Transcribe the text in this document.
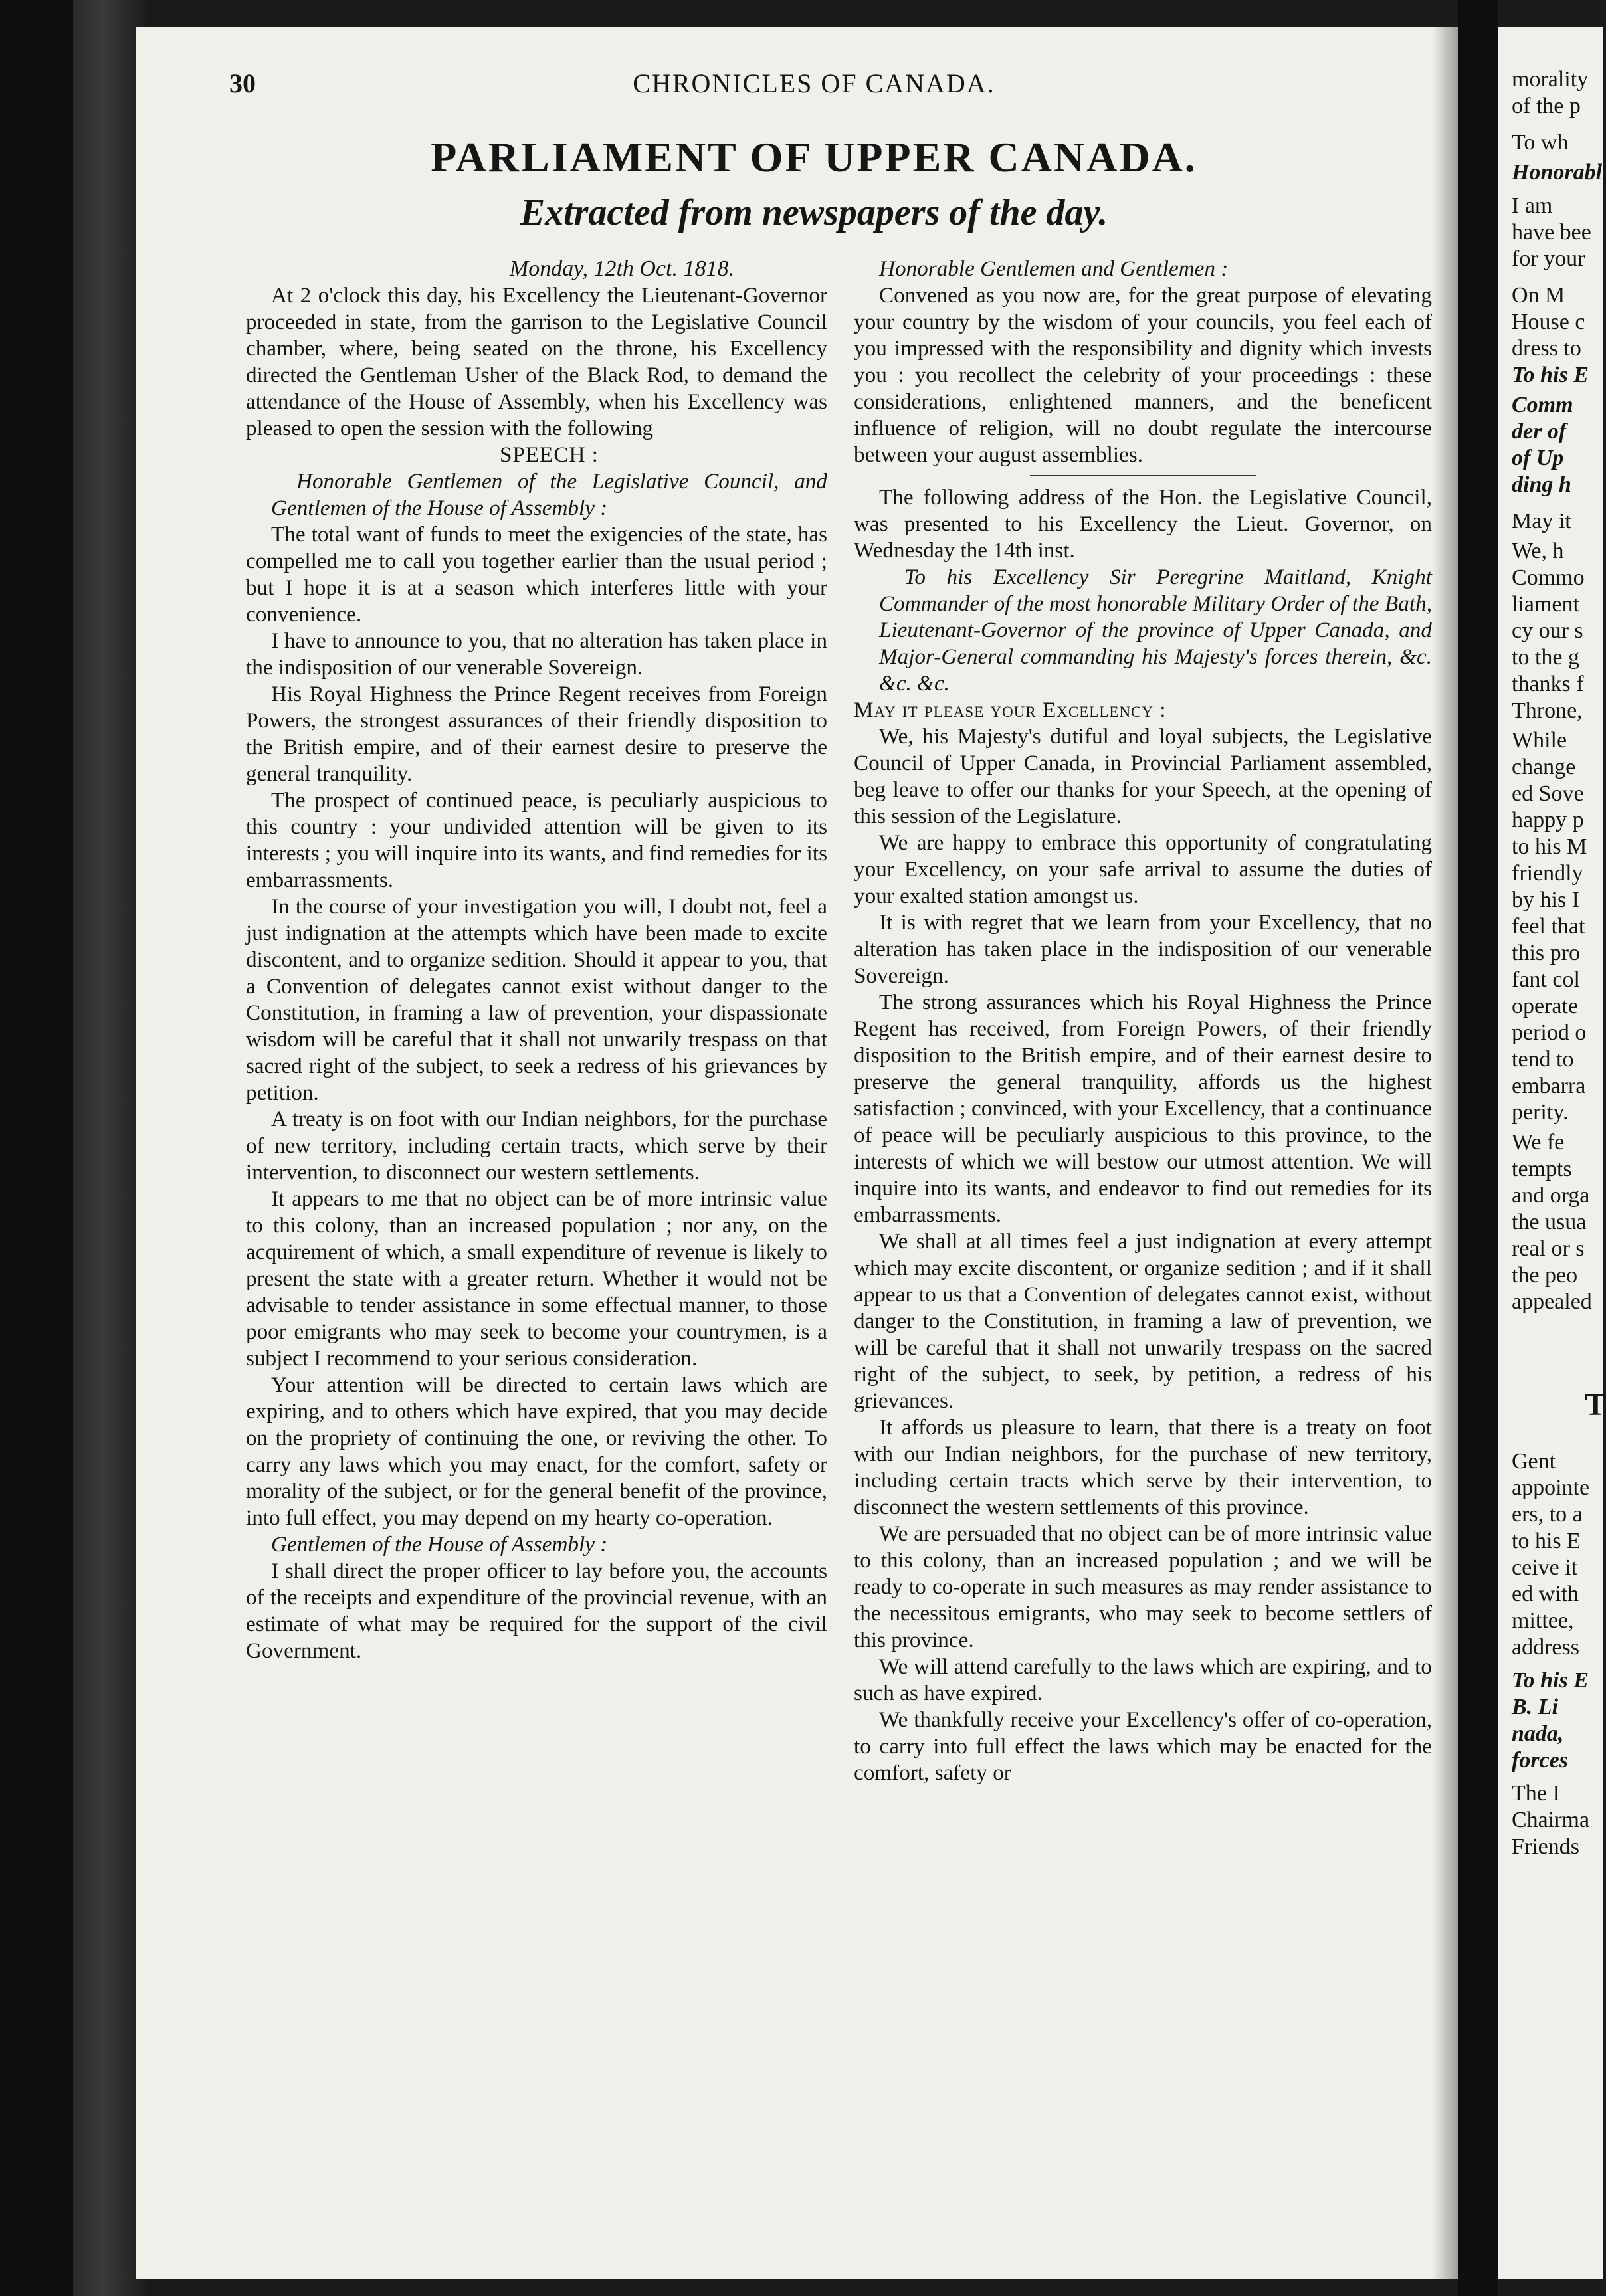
30	CHRONICLES OF CANADA.
PARLIAMENT OF UPPER CANADA.
Extracted from newspapers of the day.

Monday, 12th Oct. 1818.

At 2 o'clock this day, his Excellency the Lieutenant-Governor proceeded in state, from the garrison to the Legislative Council chamber, where, being seated on the throne, his Excellency directed the Gentleman Usher of the Black Rod, to demand the attendance of the House of Assembly, when his Excellency was pleased to open the session with the following

SPEECH :

Honorable Gentlemen of the Legislative Council, and Gentlemen of the House of Assembly :

The total want of funds to meet the exigencies of the state, has compelled me to call you together earlier than the usual period ; but I hope it is at a season which interferes little with your convenience.

I have to announce to you, that no alteration has taken place in the indisposition of our venerable Sovereign.

His Royal Highness the Prince Regent receives from Foreign Powers, the strongest assurances of their friendly disposition to the British empire, and of their earnest desire to preserve the general tranquility.

The prospect of continued peace, is peculiarly auspicious to this country : your undivided attention will be given to its interests ; you will inquire into its wants, and find remedies for its embarrassments.

In the course of your investigation you will, I doubt not, feel a just indignation at the attempts which have been made to excite discontent, and to organize sedition. Should it appear to you, that a Convention of delegates cannot exist without danger to the Constitution, in framing a law of prevention, your dispassionate wisdom will be careful that it shall not unwarily trespass on that sacred right of the subject, to seek a redress of his grievances by petition.

A treaty is on foot with our Indian neighbors, for the purchase of new territory, including certain tracts, which serve by their intervention, to disconnect our western settlements.

It appears to me that no object can be of more intrinsic value to this colony, than an increased population ; nor any, on the acquirement of which, a small expenditure of revenue is likely to present the state with a greater return. Whether it would not be advisable to tender assistance in some effectual manner, to those poor emigrants who may seek to become your countrymen, is a subject I recommend to your serious consideration.

Your attention will be directed to certain laws which are expiring, and to others which have expired, that you may decide on the propriety of continuing the one, or reviving the other. To carry any laws which you may enact, for the comfort, safety or morality of the subject, or for the general benefit of the province, into full effect, you may depend on my hearty co-operation.

Gentlemen of the House of Assembly :

I shall direct the proper officer to lay before you, the accounts of the receipts and expenditure of the provincial revenue, with an estimate of what may be required for the support of the civil Government.

Honorable Gentlemen and Gentlemen :

Convened as you now are, for the great purpose of elevating your country by the wisdom of your councils, you feel each of you impressed with the responsibility and dignity which invests you : you recollect the celebrity of your proceedings : these considerations, enlightened manners, and the beneficent influence of religion, will no doubt regulate the intercourse between your august assemblies.

The following address of the Hon. the Legislative Council, was presented to his Excellency the Lieut. Governor, on Wednesday the 14th inst.

To his Excellency Sir Peregrine Maitland, Knight Commander of the most honorable Military Order of the Bath, Lieutenant-Governor of the province of Upper Canada, and Major-General commanding his Majesty's forces therein, &c. &c. &c.

May it please your Excellency :

We, his Majesty's dutiful and loyal subjects, the Legislative Council of Upper Canada, in Provincial Parliament assembled, beg leave to offer our thanks for your Speech, at the opening of this session of the Legislature.

We are happy to embrace this opportunity of congratulating your Excellency, on your safe arrival to assume the duties of your exalted station amongst us.

It is with regret that we learn from your Excellency, that no alteration has taken place in the indisposition of our venerable Sovereign.

The strong assurances which his Royal Highness the Prince Regent has received, from Foreign Powers, of their friendly disposition to the British empire, and of their earnest desire to preserve the general tranquility, affords us the highest satisfaction ; convinced, with your Excellency, that a continuance of peace will be peculiarly auspicious to this province, to the interests of which we will bestow our utmost attention. We will inquire into its wants, and endeavor to find out remedies for its embarrassments.

We shall at all times feel a just indignation at every attempt which may excite discontent, or organize sedition ; and if it shall appear to us that a Convention of delegates cannot exist, without danger to the Constitution, in framing a law of prevention, we will be careful that it shall not unwarily trespass on the sacred right of the subject, to seek, by petition, a redress of his grievances.

It affords us pleasure to learn, that there is a treaty on foot with our Indian neighbors, for the purchase of new territory, including certain tracts which serve by their intervention, to disconnect the western settlements of this province.

We are persuaded that no object can be of more intrinsic value to this colony, than an increased population ; and we will be ready to co-operate in such measures as may render assistance to the necessitous emigrants, who may seek to become settlers of this province.

We will attend carefully to the laws which are expiring, and to such as have expired.

We thankfully receive your Excellency's offer of co-operation, to carry into full effect the laws which may be enacted for the comfort, safety or

morality
of the p
To wh
Honorabl
I am
have bee
for your
On M
House c
dress to
To his E
Comm
der of
of Up
ding h
May it
We, h
Commo
liament
cy our s
to the g
thanks f
Throne,
While
change
ed Sove
happy p
to his M
friendly
by his I
feel that
this pro
fant col
operate
period o
tend to
embarra
perity.
We fe
tempts
and orga
the usua
real or s
the peo
appealed
T
Gent
appointe
ers, to a
to his E
ceive it
ed with
mittee,
address
To his E
B. Li
nada,
forces
The I
Chairma
Friends
